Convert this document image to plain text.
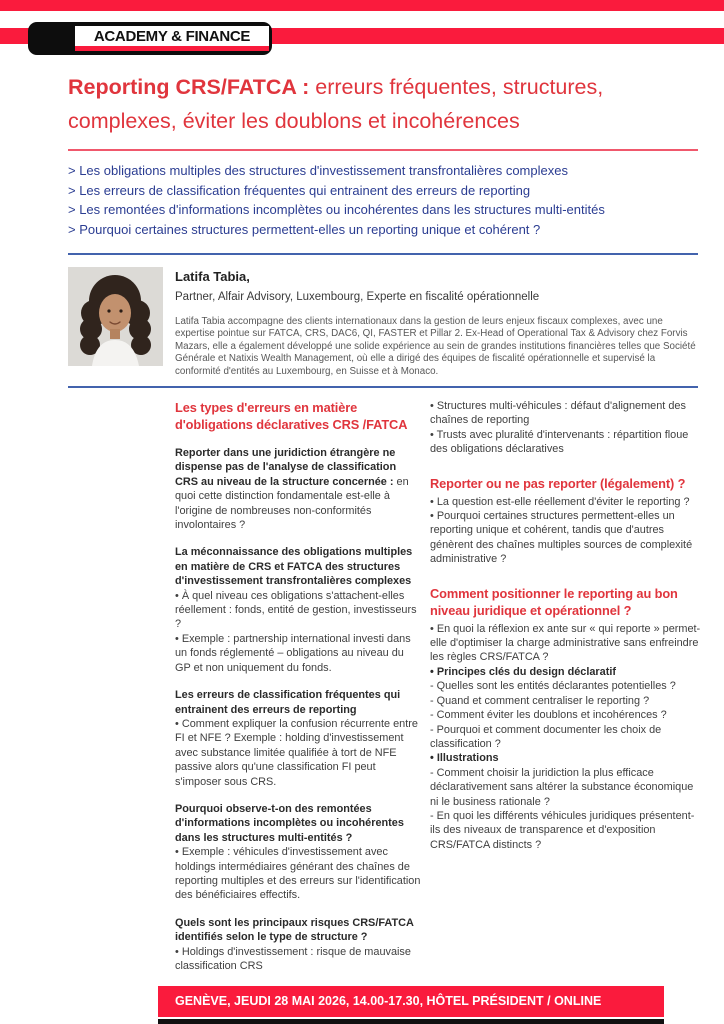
ACADEMY & FINANCE
Reporting CRS/FATCA : erreurs fréquentes, structures, complexes, éviter les doublons et incohérences
> Les obligations multiples des structures d'investissement transfrontalières complexes
> Les erreurs de classification fréquentes qui entrainent des erreurs de reporting
> Les remontées d'informations incomplètes ou incohérentes dans les structures multi-entités
> Pourquoi certaines structures permettent-elles un reporting unique et cohérent ?
Latifa Tabia,
Partner, Alfair Advisory, Luxembourg, Experte en fiscalité opérationnelle
Latifa Tabia accompagne des clients internationaux dans la gestion de leurs enjeux fiscaux complexes, avec une expertise pointue sur FATCA, CRS, DAC6, QI, FASTER et Pillar 2. Ex-Head of Operational Tax & Advisory chez Forvis Mazars, elle a également développé une solide expérience au sein de grandes institutions financières telles que Société Générale et Natixis Wealth Management, où elle a dirigé des équipes de fiscalité opérationnelle et supervisé la conformité d'entités au Luxembourg, en Suisse et à Monaco.
Les types d'erreurs en matière d'obligations déclaratives CRS /FATCA
Reporter dans une juridiction étrangère ne dispense pas de l'analyse de classification CRS au niveau de la structure concernée : en quoi cette distinction fondamentale est-elle à l'origine de nombreuses non-conformités involontaires ?
La méconnaissance des obligations multiples en matière de CRS et FATCA des structures d'investissement transfrontalières complexes
• À quel niveau ces obligations s'attachent-elles réellement : fonds, entité de gestion, investisseurs ?
• Exemple : partnership international investi dans un fonds réglementé – obligations au niveau du GP et non uniquement du fonds.
Les erreurs de classification fréquentes qui entrainent des erreurs de reporting
• Comment expliquer la confusion récurrente entre FI et NFE ? Exemple : holding d'investissement avec substance limitée qualifiée à tort de NFE passive alors qu'une classification FI peut s'imposer sous CRS.
Pourquoi observe-t-on des remontées d'informations incomplètes ou incohérentes dans les structures multi-entités ?
• Exemple : véhicules d'investissement avec holdings intermédiaires générant des chaînes de reporting multiples et des erreurs sur l'identification des bénéficiaires effectifs.
Quels sont les principaux risques CRS/FATCA identifiés selon le type de structure ?
• Holdings d'investissement : risque de mauvaise classification CRS
• Structures multi-véhicules : défaut d'alignement des chaînes de reporting
• Trusts avec pluralité d'intervenants : répartition floue des obligations déclaratives
Reporter ou ne pas reporter (légalement) ?
• La question est-elle réellement d'éviter le reporting ?
• Pourquoi certaines structures permettent-elles un reporting unique et cohérent, tandis que d'autres génèrent des chaînes multiples sources de complexité administrative ?
Comment positionner le reporting au bon niveau juridique et opérationnel ?
• En quoi la réflexion ex ante sur « qui reporte » permet-elle d'optimiser la charge administrative sans enfreindre les règles CRS/FATCA ?
• Principes clés du design déclaratif
- Quelles sont les entités déclarantes potentielles ?
- Quand et comment centraliser le reporting ?
- Comment éviter les doublons et incohérences ?
- Pourquoi et comment documenter les choix de classification ?
• Illustrations
- Comment choisir la juridiction la plus efficace déclarativement sans altérer la substance économique ni le business rationale ?
- En quoi les différents véhicules juridiques présentent-ils des niveaux de transparence et d'exposition CRS/FATCA distincts ?
GENÈVE, JEUDI 28 MAI 2026, 14.00-17.30, HÔTEL PRÉSIDENT / ONLINE
